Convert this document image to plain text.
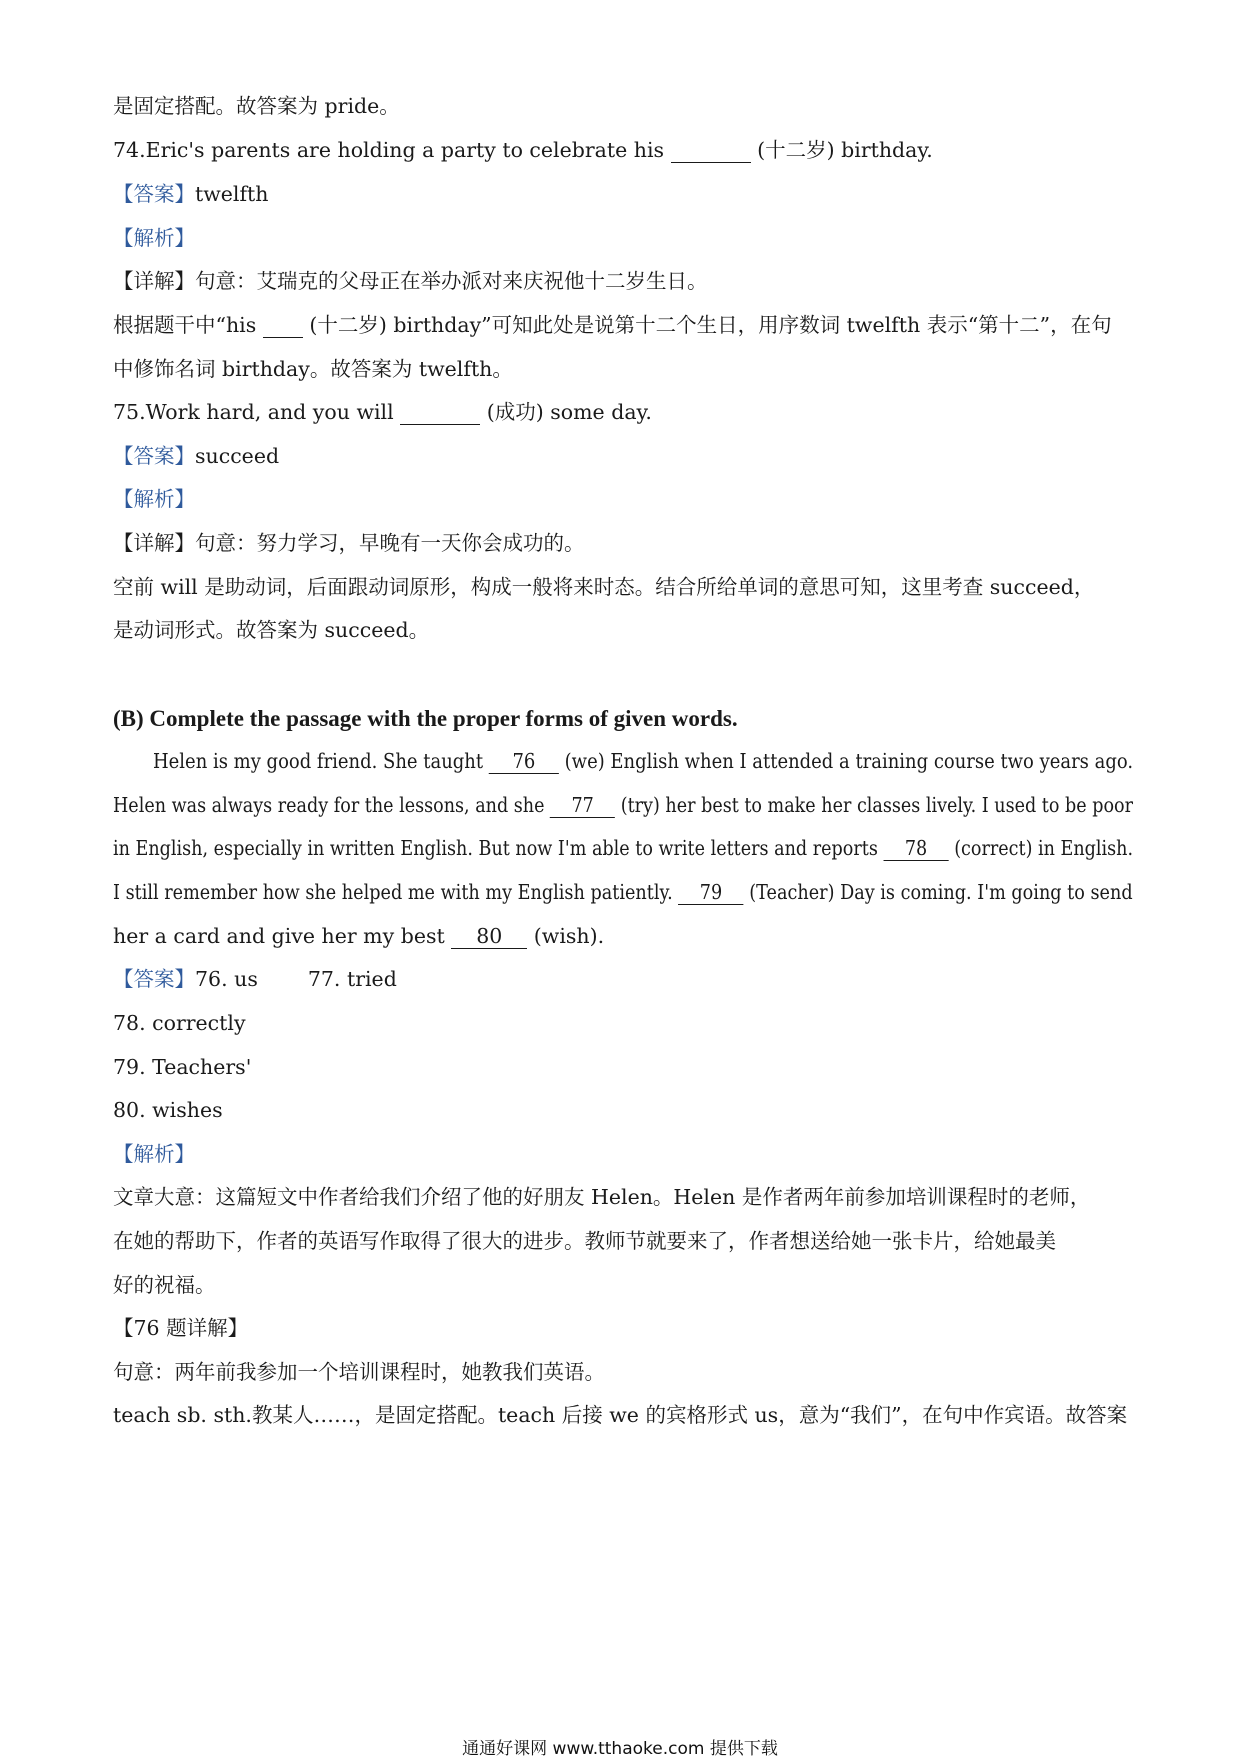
是固定搭配。故答案为 pride。
74.Eric's parents are holding a party to celebrate his	(十二岁) birthday.
【答案】twelfth
【解析】
【详解】句意：艾瑞克的父母正在举办派对来庆祝他十二岁生日。
根据题干中“his	(十二岁) birthday”可知此处是说第十二个生日，用序数词 twelfth 表示“第十二”，在句
中修饰名词 birthday。故答案为 twelfth。
75.Work hard, and you will	(成功) some day.
【答案】succeed
【解析】
【详解】句意：努力学习，早晚有一天你会成功的。
空前 will 是助动词，后面跟动词原形，构成一般将来时态。结合所给单词的意思可知，这里考查 succeed，
是动词形式。故答案为 succeed。
(B) Complete the passage with the proper forms of given words.
Helen is my good friend. She taught 76 (we) English when I attended a training course two years ago.
Helen was always ready for the lessons, and she 77 (try) her best to make her classes lively. I used to be poor
in English, especially in written English. But now I'm able to write letters and reports 78 (correct) in English.
I still remember how she helped me with my English patiently. 79 (Teacher) Day is coming. I'm going to send
her a card and give her my best 80 (wish).
【答案】76. us 77. tried
78. correctly
79. Teachers'
80. wishes
【解析】
文章大意：这篇短文中作者给我们介绍了他的好朋友 Helen。Helen 是作者两年前参加培训课程时的老师，
在她的帮助下，作者的英语写作取得了很大的进步。教师节就要来了，作者想送给她一张卡片，给她最美
好的祝福。
【76 题详解】
句意：两年前我参加一个培训课程时，她教我们英语。
teach sb. sth.教某人……，是固定搭配。teach 后接 we 的宾格形式 us，意为“我们”，在句中作宾语。故答案
通通好课网 www.tthaoke.com 提供下载
